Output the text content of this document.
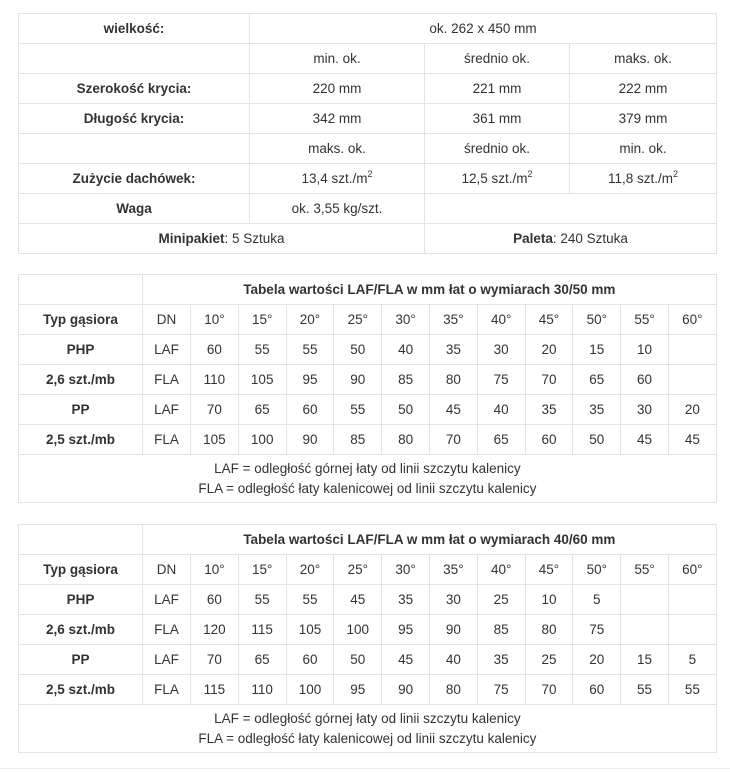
wielkość:	ok. 262 x 450 mm		
	min. ok.	średnio ok.	maks. ok.
Szerokość krycia:	220 mm	221 mm	222 mm
Długość krycia:	342 mm	361 mm	379 mm
	maks. ok.	średnio ok.	min. ok.
Zużycie dachówek:	13,4 $szt./m^2$	12,5 $szt./m^2$	11,8 $szt./m^2$
Waga	ok. 3,55 kg/szt.		
Minipakiet: 5 Sztuka		Paleta: 240 Sztuka	
	Tabela wartości LAF/FLA w mm łat o wymiarach 30/50 mm											
Typ gąsiora	DN	10°	15°	20°	25°	30°	35°	40°	45°	50°	55°	60°
PHP	LAF	60	55	55	50	40	35	30	20	15	10	
2,6 szt./mb	FLA	110	105	95	90	85	80	75	70	65	60	
PP	LAF	70	65	60	55	50	45	40	35	35	30	20
2,5 szt./mb	FLA	105	100	90	85	80	70	65	60	50	45	45

LAF = odległość górnej łaty od linii szczytu kalenicy
FLA = odległość łaty kalenicowej od linii szczytu kalenicy												
	Tabela wartości LAF/FLA w mm łat o wymiarach 40/60 mm											
Typ gąsiora	DN	10°	15°	20°	25°	30°	35°	40°	45°	50°	55°	60°
PHP	LAF	60	55	55	45	35	30	25	10	5		
2,6 szt./mb	FLA	120	115	105	100	95	90	85	80	75		
PP	LAF	70	65	60	50	45	40	35	25	20	15	5
2,5 szt./mb	FLA	115	110	100	95	90	80	75	70	60	55	55

LAF = odległość górnej łaty od linii szczytu kalenicy
FLA = odległość łaty kalenicowej od linii szczytu kalenicy												
